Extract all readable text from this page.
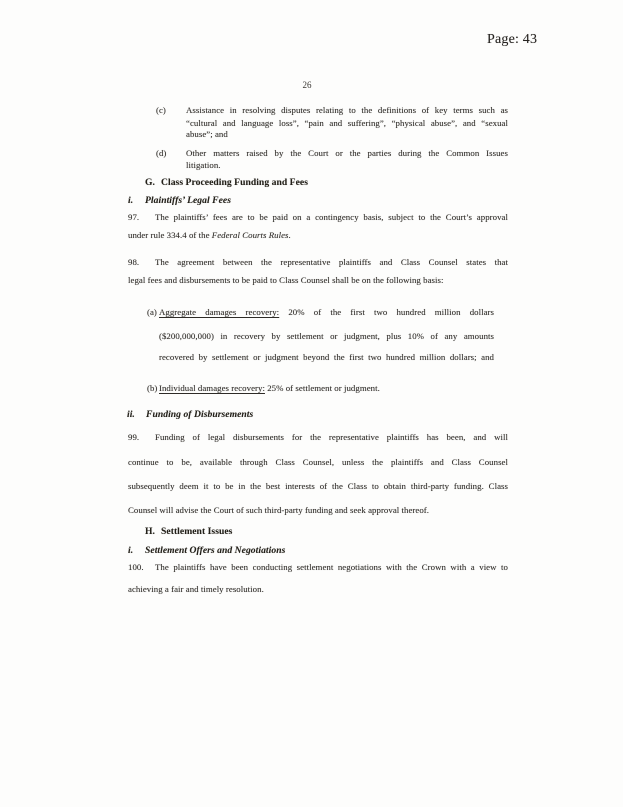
Page: 43
26
(c) Assistance in resolving disputes relating to the definitions of key terms such as
“cultural and language loss”, “pain and suffering”, “physical abuse”, and “sexual
abuse”; and
(d) Other matters raised by the Court or the parties during the Common Issues
litigation.
G. Class Proceeding Funding and Fees
i. Plaintiffs’ Legal Fees
97. The plaintiffs’ fees are to be paid on a contingency basis, subject to the Court’s approval
under rule 334.4 of the Federal Courts Rules.
98. The agreement between the representative plaintiffs and Class Counsel states that
legal fees and disbursements to be paid to Class Counsel shall be on the following basis:
(a) Aggregate damages recovery: 20% of the first two hundred million dollars
($200,000,000) in recovery by settlement or judgment, plus 10% of any amounts
recovered by settlement or judgment beyond the first two hundred million dollars; and
(b) Individual damages recovery: 25% of settlement or judgment.
ii. Funding of Disbursements
99. Funding of legal disbursements for the representative plaintiffs has been, and will
continue to be, available through Class Counsel, unless the plaintiffs and Class Counsel
subsequently deem it to be in the best interests of the Class to obtain third-party funding. Class
Counsel will advise the Court of such third-party funding and seek approval thereof.
H. Settlement Issues
i. Settlement Offers and Negotiations
100. The plaintiffs have been conducting settlement negotiations with the Crown with a view to
achieving a fair and timely resolution.
